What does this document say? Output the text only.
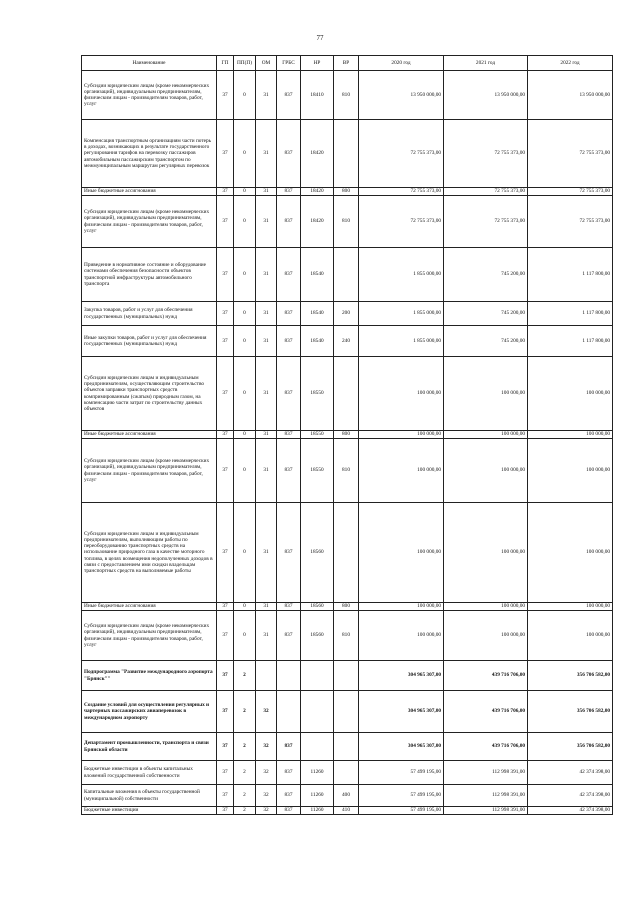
77
Наименование	ГП	ПП(П)	ОМ	ГРБС	НР	ВР	2020 год	2021 год	2022 год
Субсидии юридическим лицам (кроме некоммерческих организаций), индивидуальным предпринимателям, физическим лицам - производителям товаров, работ, услуг	37	0	31	837	18410	810	13 950 000,00	13 950 000,00	13 950 000,00
Компенсация транспортным организациям части потерь в доходах, возникающих в результате государственного регулирования тарифов на перевозку пассажиров автомобильным пассажирским транспортом по межмуниципальным маршрутам регулярных перевозок	37	0	31	837	18420		72 755 373,00	72 755 373,00	72 755 373,00
Иные бюджетные ассигнования	37	0	31	837	18420	800	72 755 373,00	72 755 373,00	72 755 373,00
Субсидии юридическим лицам (кроме некоммерческих организаций), индивидуальным предпринимателям, физическим лицам - производителям товаров, работ, услуг	37	0	31	837	18420	810	72 755 373,00	72 755 373,00	72 755 373,00
Приведение в нормативное состояние и оборудование системами обеспечения безопасности объектов транспортной инфраструктуры автомобильного транспорта	37	0	31	837	18540		1 855 000,00	745 200,00	1 117 800,00
Закупка товаров, работ и услуг для обеспечения государственных (муниципальных) нужд	37	0	31	837	18540	200	1 855 000,00	745 200,00	1 117 800,00
Иные закупки товаров, работ и услуг для обеспечения государственных (муниципальных) нужд	37	0	31	837	18540	240	1 855 000,00	745 200,00	1 117 800,00
Субсидии юридическим лицам и индивидуальным предпринимателям, осуществляющим строительство объектов заправки транспортных средств компримированным (сжатым) природным газом, на компенсацию части затрат по строительству данных объектов	37	0	31	837	18550		100 000,00	100 000,00	100 000,00
Иные бюджетные ассигнования	37	0	31	837	18550	800	100 000,00	100 000,00	100 000,00
Субсидии юридическим лицам (кроме некоммерческих организаций), индивидуальным предпринимателям, физическим лицам - производителям товаров, работ, услуг	37	0	31	837	18550	810	100 000,00	100 000,00	100 000,00
Субсидии юридическим лицам и индивидуальным предпринимателям, выполняющим работы по переоборудованию транспортных средств на использование природного газа в качестве моторного топлива, в целях возмещения недополученных доходов в связи с предоставлением ими скидки владельцам транспортных средств на выполняемые работы	37	0	31	837	18560		100 000,00	100 000,00	100 000,00
Иные бюджетные ассигнования	37	0	31	837	18560	800	100 000,00	100 000,00	100 000,00
Субсидии юридическим лицам (кроме некоммерческих организаций), индивидуальным предпринимателям, физическим лицам - производителям товаров, работ, услуг	37	0	31	837	18560	810	100 000,00	100 000,00	100 000,00
Подпрограмма "Развитие международного аэропорта "Брянск""	37	2					304 965 307,00	439 716 706,00	356 706 582,00
Создание условий для осуществления регулярных и чартерных пассажирских авиаперевозок в международном аэропорту	37	2	32				304 965 307,00	439 716 706,00	356 706 582,00
Департамент промышленности, транспорта и связи Брянской области	37	2	32	837			304 965 307,00	439 716 706,00	356 706 582,00
Бюджетные инвестиции в объекты капитальных вложений государственной собственности	37	2	32	837	11260		57 499 195,00	112 998 391,00	42 374 398,00
Капитальные вложения в объекты государственной (муниципальной) собственности	37	2	32	837	11260	400	57 499 195,00	112 998 391,00	42 374 398,00
Бюджетные инвестиции	37	2	32	837	11260	410	57 499 195,00	112 998 391,00	42 374 398,00
